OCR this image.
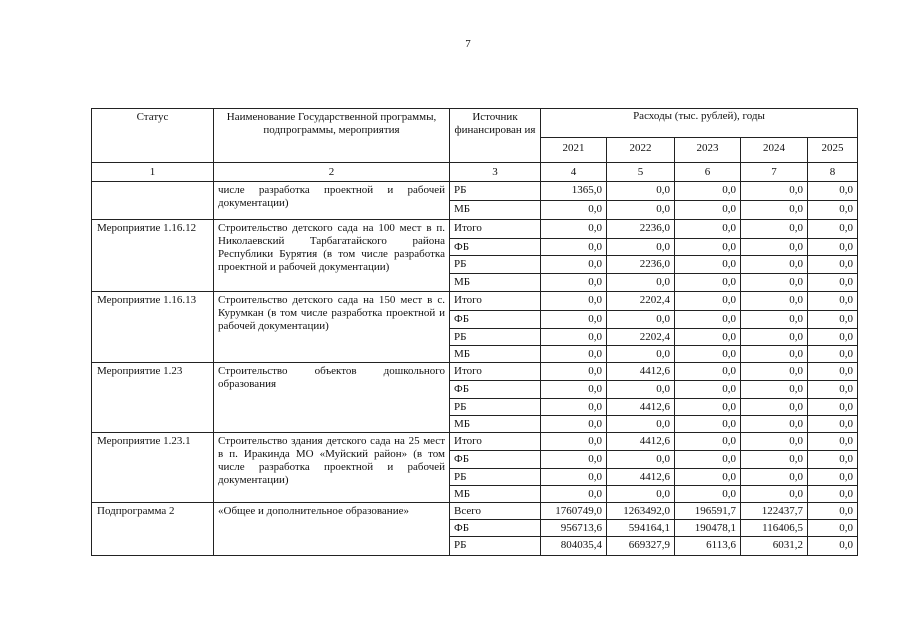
7
Статус	Наименование Государственной программы, подпрограммы, мероприятия
Источник финансирован ия
Расходы (тыс. рублей), годы
2021	2022	2023	2024	2025
1	2	3	4	5	6	7	8
числе разработка проектной и рабочей документации)
РБ	1365,0	0,0	0,0	0,0	0,0
МБ	0,0	0,0	0,0	0,0	0,0
Мероприятие 1.16.12	Строительство детского сада на 100 мест в п. Николаевский Тарбагатайского района Республики Бурятия (в том числе разработка проектной и рабочей документации)
Итого	0,0	2236,0	0,0	0,0	0,0
ФБ	0,0	0,0	0,0	0,0	0,0
РБ	0,0	2236,0	0,0	0,0	0,0
МБ	0,0	0,0	0,0	0,0	0,0
Мероприятие 1.16.13	Строительство детского сада на 150 мест в с. Курумкан (в том числе разработка проектной и рабочей документации)
Итого	0,0	2202,4	0,0	0,0	0,0
ФБ	0,0	0,0	0,0	0,0	0,0
РБ	0,0	2202,4	0,0	0,0	0,0
МБ	0,0	0,0	0,0	0,0	0,0
Мероприятие 1.23	Строительство объектов дошкольного образования
Итого	0,0	4412,6	0,0	0,0	0,0
ФБ	0,0	0,0	0,0	0,0	0,0
РБ	0,0	4412,6	0,0	0,0	0,0
МБ	0,0	0,0	0,0	0,0	0,0
Мероприятие 1.23.1	Строительство здания детского сада на 25 мест в п. Иракинда МО «Муйский район» (в том числе разработка проектной и рабочей документации)
Итого	0,0	4412,6	0,0	0,0	0,0
ФБ	0,0	0,0	0,0	0,0	0,0
РБ	0,0	4412,6	0,0	0,0	0,0
МБ	0,0	0,0	0,0	0,0	0,0
Подпрограмма 2	«Общее и дополнительное образование»	Всего	1760749,0	1263492,0	196591,7	122437,7	0,0
ФБ	956713,6	594164,1	190478,1	116406,5	0,0
РБ	804035,4	669327,9	6113,6	6031,2	0,0
